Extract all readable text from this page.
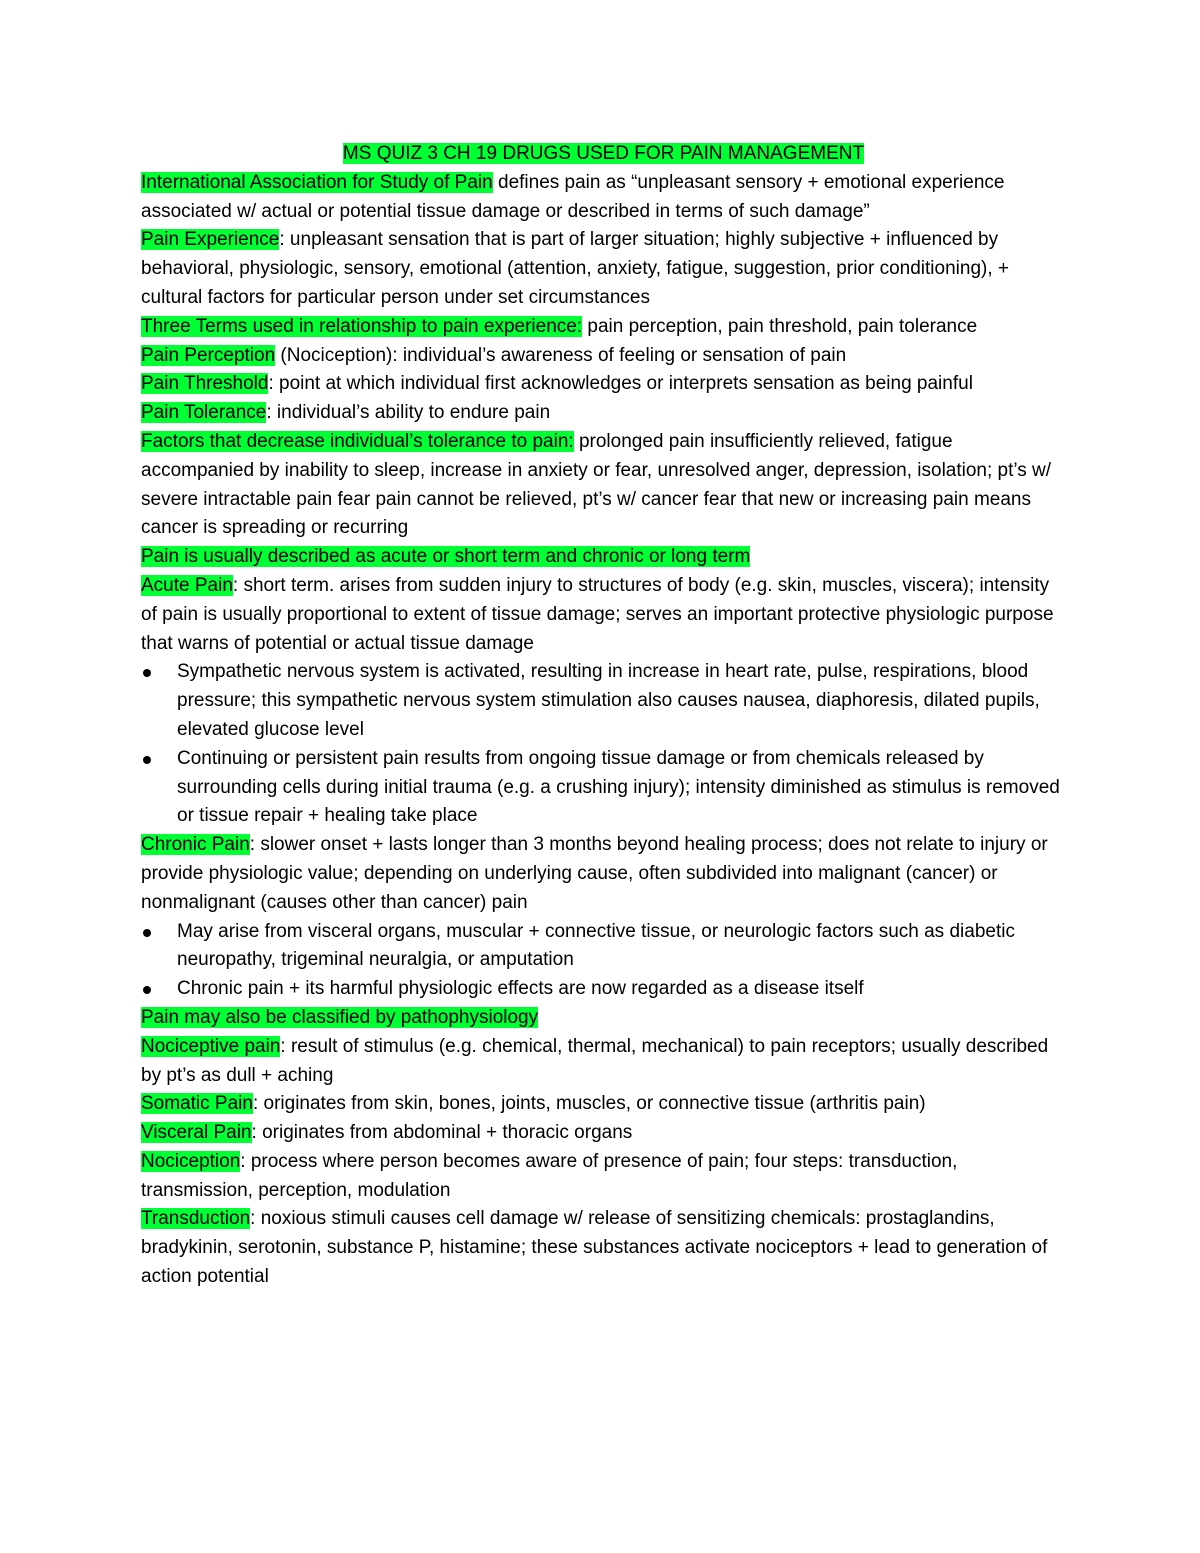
MS QUIZ 3 CH 19 DRUGS USED FOR PAIN MANAGEMENT

International Association for Study of Pain defines pain as “unpleasant sensory + emotional experience associated w/ actual or potential tissue damage or described in terms of such damage”

Pain Experience: unpleasant sensation that is part of larger situation; highly subjective + influenced by behavioral, physiologic, sensory, emotional (attention, anxiety, fatigue, suggestion, prior conditioning), + cultural factors for particular person under set circumstances

Three Terms used in relationship to pain experience: pain perception, pain threshold, pain tolerance

Pain Perception (Nociception): individual’s awareness of feeling or sensation of pain

Pain Threshold: point at which individual first acknowledges or interprets sensation as being painful

Pain Tolerance: individual’s ability to endure pain

Factors that decrease individual’s tolerance to pain: prolonged pain insufficiently relieved, fatigue accompanied by inability to sleep, increase in anxiety or fear, unresolved anger, depression, isolation; pt’s w/ severe intractable pain fear pain cannot be relieved, pt’s w/ cancer fear that new or increasing pain means cancer is spreading or recurring

Pain is usually described as acute or short term and chronic or long term

Acute Pain: short term. arises from sudden injury to structures of body (e.g. skin, muscles, viscera); intensity of pain is usually proportional to extent of tissue damage; serves an important protective physiologic purpose that warns of potential or actual tissue damage

Sympathetic nervous system is activated, resulting in increase in heart rate, pulse, respirations, blood pressure; this sympathetic nervous system stimulation also causes nausea, diaphoresis, dilated pupils, elevated glucose level
Continuing or persistent pain results from ongoing tissue damage or from chemicals released by surrounding cells during initial trauma (e.g. a crushing injury); intensity diminished as stimulus is removed or tissue repair + healing take place

Chronic Pain: slower onset + lasts longer than 3 months beyond healing process; does not relate to injury or provide physiologic value; depending on underlying cause, often subdivided into malignant (cancer) or nonmalignant (causes other than cancer) pain

May arise from visceral organs, muscular + connective tissue, or neurologic factors such as diabetic neuropathy, trigeminal neuralgia, or amputation
Chronic pain + its harmful physiologic effects are now regarded as a disease itself

Pain may also be classified by pathophysiology

Nociceptive pain: result of stimulus (e.g. chemical, thermal, mechanical) to pain receptors; usually described by pt’s as dull + aching

Somatic Pain: originates from skin, bones, joints, muscles, or connective tissue (arthritis pain)

Visceral Pain: originates from abdominal + thoracic organs

Nociception: process where person becomes aware of presence of pain; four steps: transduction, transmission, perception, modulation

Transduction: noxious stimuli causes cell damage w/ release of sensitizing chemicals: prostaglandins, bradykinin, serotonin, substance P, histamine; these substances activate nociceptors + lead to generation of action potential
